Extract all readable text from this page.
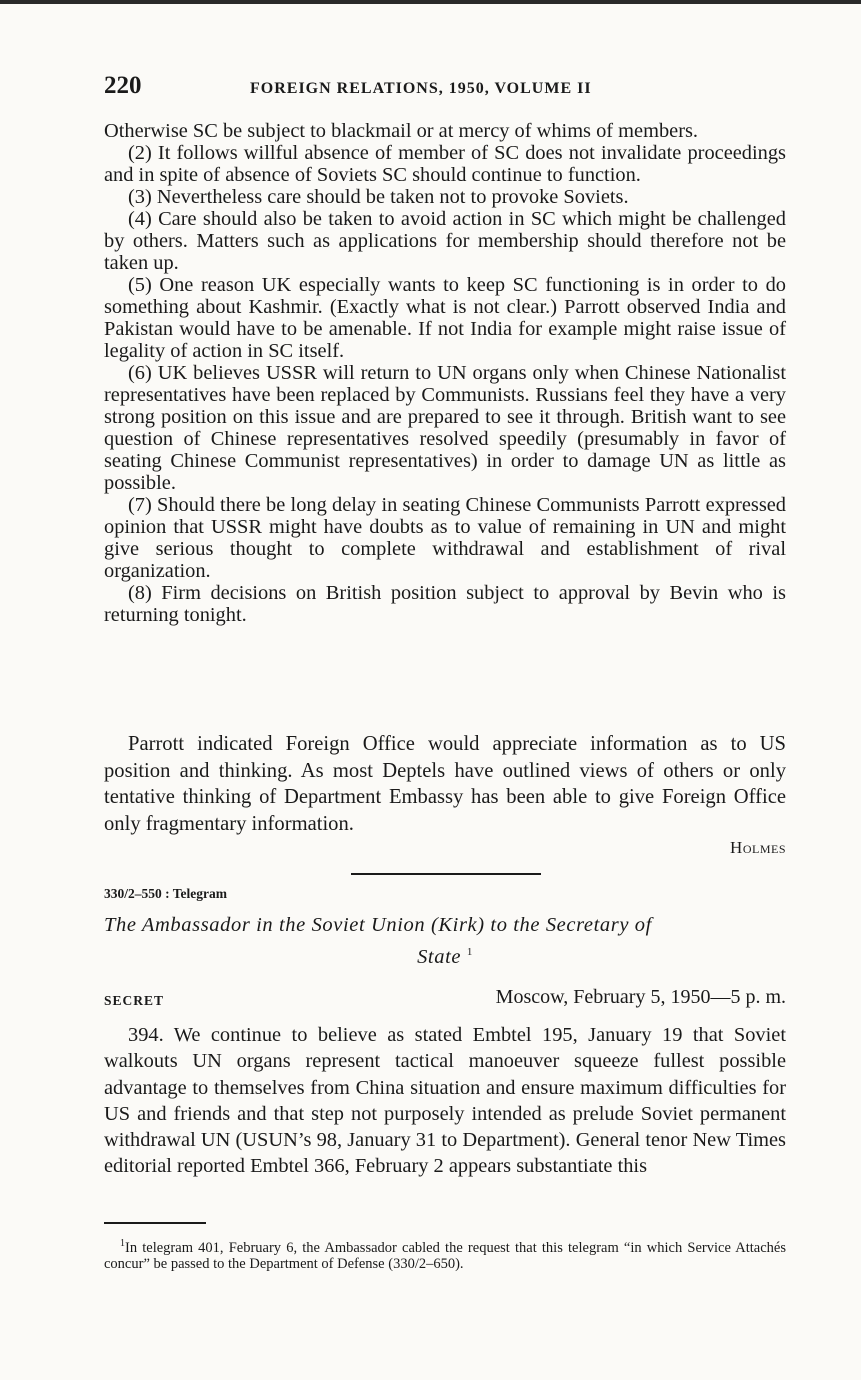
220	FOREIGN RELATIONS, 1950, VOLUME II

Otherwise SC be subject to blackmail or at mercy of whims of members.

(2) It follows willful absence of member of SC does not invalidate proceedings and in spite of absence of Soviets SC should continue to function.

(3) Nevertheless care should be taken not to provoke Soviets.

(4) Care should also be taken to avoid action in SC which might be challenged by others. Matters such as applications for membership should therefore not be taken up.

(5) One reason UK especially wants to keep SC functioning is in order to do something about Kashmir. (Exactly what is not clear.) Parrott observed India and Pakistan would have to be amenable. If not India for example might raise issue of legality of action in SC itself.

(6) UK believes USSR will return to UN organs only when Chinese Nationalist representatives have been replaced by Communists. Russians feel they have a very strong position on this issue and are prepared to see it through. British want to see question of Chinese representatives resolved speedily (presumably in favor of seating Chinese Communist representatives) in order to damage UN as little as possible.

(7) Should there be long delay in seating Chinese Communists Parrott expressed opinion that USSR might have doubts as to value of remaining in UN and might give serious thought to complete withdrawal and establishment of rival organization.

(8) Firm decisions on British position subject to approval by Bevin who is returning tonight.

Parrott indicated Foreign Office would appreciate information as to US position and thinking. As most Deptels have outlined views of others or only tentative thinking of Department Embassy has been able to give Foreign Office only fragmentary information.

Holmes
330/2–550 : Telegram
The Ambassador in the Soviet Union (Kirk) to the Secretary of
State $^1$
SECRET	Moscow, February 5, 1950—5 p. m.

394. We continue to believe as stated Embtel 195, January 19 that Soviet walkouts UN organs represent tactical manoeuver squeeze fullest possible advantage to themselves from China situation and ensure maximum difficulties for US and friends and that step not purposely intended as prelude Soviet permanent withdrawal UN (USUN’s 98, January 31 to Department). General tenor New Times editorial reported Embtel 366, February 2 appears substantiate this

$^1$In telegram 401, February 6, the Ambassador cabled the request that this telegram “in which Service Attachés concur” be passed to the Department of Defense (330/2–650).
